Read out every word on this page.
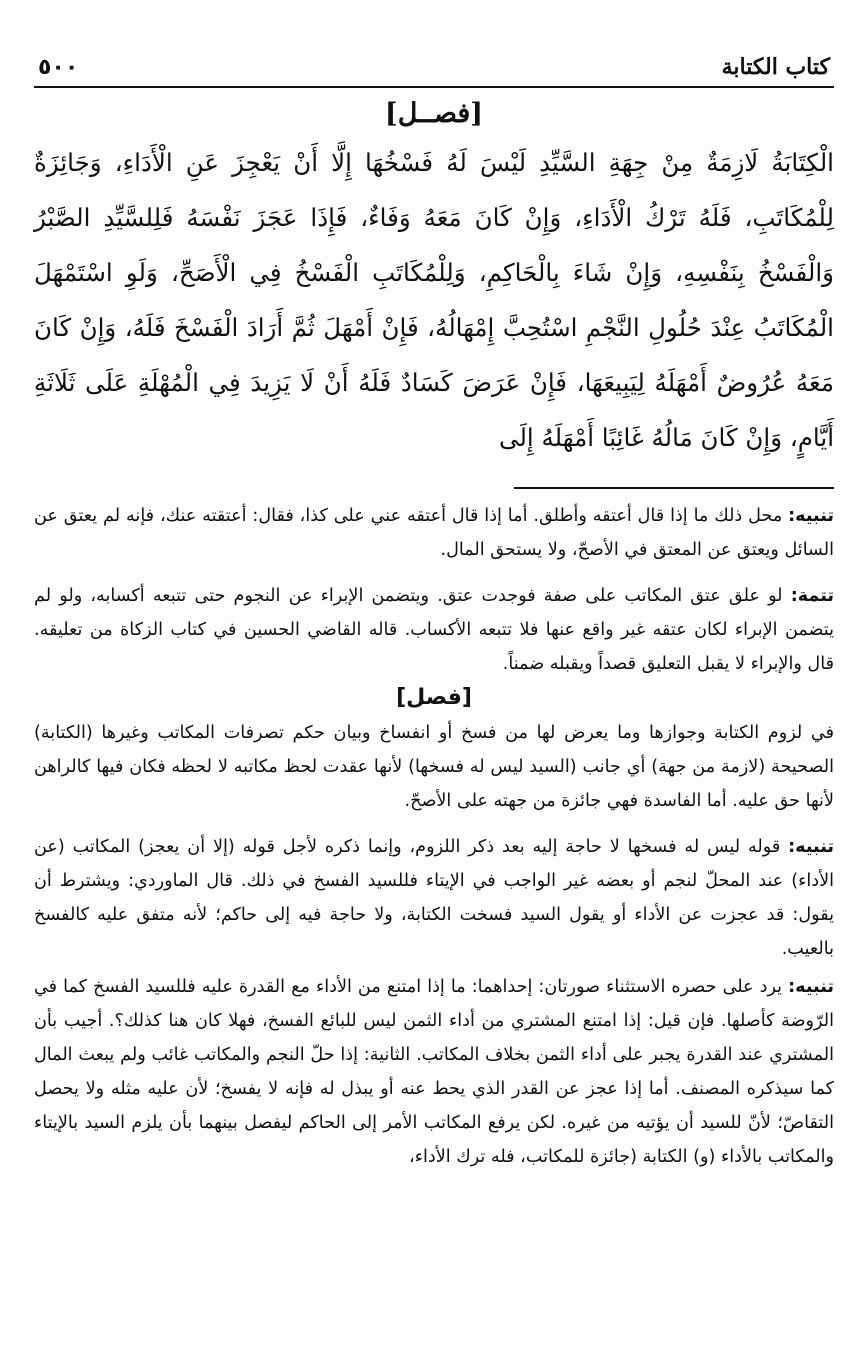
كتاب الكتابة
٥٠٠
[فصــل]

الْكِتَابَةُ لَازِمَةٌ مِنْ جِهَةِ السَّيِّدِ لَيْسَ لَهُ فَسْخُهَا إِلَّا أَنْ يَعْجِزَ عَنِ الْأَدَاءِ، وَجَائِزَةٌ لِلْمُكَاتَبِ، فَلَهُ تَرْكُ الْأَدَاءِ، وَإِنْ كَانَ مَعَهُ وَفَاءٌ، فَإِذَا عَجَزَ نَفْسَهُ فَلِلسَّيِّدِ الصَّبْرُ وَالْفَسْخُ بِنَفْسِهِ، وَإِنْ شَاءَ بِالْحَاكِمِ، وَلِلْمُكَاتَبِ الْفَسْخُ فِي الْأَصَحِّ، وَلَوِ اسْتَمْهَلَ الْمُكَاتَبُ عِنْدَ حُلُولِ النَّجْمِ اسْتُحِبَّ إِمْهَالُهُ، فَإِنْ أَمْهَلَ ثُمَّ أَرَادَ الْفَسْخَ فَلَهُ، وَإِنْ كَانَ مَعَهُ عُرُوضٌ أَمْهَلَهُ لِيَبِيعَهَا، فَإِنْ عَرَضَ كَسَادٌ فَلَهُ أَنْ لَا يَزِيدَ فِي الْمُهْلَةِ عَلَى ثَلَاثَةِ أَيَّامٍ، وَإِنْ كَانَ مَالُهُ غَائِبًا أَمْهَلَهُ إِلَى

تنبيه: محل ذلك ما إذا قال أعتقه وأطلق. أما إذا قال أعتقه عني على كذا، فقال: أعتقته عنك، فإنه لم يعتق عن السائل ويعتق عن المعتق في الأصحّ، ولا يستحق المال.

تتمة: لو علق عتق المكاتب على صفة فوجدت عتق. ويتضمن الإبراء عن النجوم حتى تتبعه أكسابه، ولو لم يتضمن الإبراء لكان عتقه غير واقع عنها فلا تتبعه الأكساب. قاله القاضي الحسين في كتاب الزكاة من تعليقه. قال والإبراء لا يقبل التعليق قصداً ويقبله ضمناً.

[فصل]

في لزوم الكتابة وجوازها وما يعرض لها من فسخ أو انفساخ وبيان حكم تصرفات المكاتب وغيرها (الكتابة) الصحيحة (لازمة من جهة) أي جانب (السيد ليس له فسخها) لأنها عقدت لحظ مكاتبه لا لحظه فكان فيها كالراهن لأنها حق عليه. أما الفاسدة فهي جائزة من جهته على الأصحّ.

تنبيه: قوله ليس له فسخها لا حاجة إليه بعد ذكر اللزوم، وإنما ذكره لأجل قوله (إلا أن يعجز) المكاتب (عن الأداء) عند المحلّ لنجم أو بعضه غير الواجب في الإيتاء فللسيد الفسخ في ذلك. قال الماوردي: ويشترط أن يقول: قد عجزت عن الأداء أو يقول السيد فسخت الكتابة، ولا حاجة فيه إلى حاكم؛ لأنه متفق عليه كالفسخ بالعيب.

تنبيه: يرد على حصره الاستثناء صورتان: إحداهما: ما إذا امتنع من الأداء مع القدرة عليه فللسيد الفسخ كما في الرّوضة كأصلها. فإن قيل: إذا امتنع المشتري من أداء الثمن ليس للبائع الفسخ، فهلا كان هنا كذلك؟. أجيب بأن المشتري عند القدرة يجبر على أداء الثمن بخلاف المكاتب. الثانية: إذا حلّ النجم والمكاتب غائب ولم يبعث المال كما سيذكره المصنف. أما إذا عجز عن القدر الذي يحط عنه أو يبذل له فإنه لا يفسخ؛ لأن عليه مثله ولا يحصل التقاصّ؛ لأنّ للسيد أن يؤتيه من غيره. لكن يرفع المكاتب الأمر إلى الحاكم ليفصل بينهما بأن يلزم السيد بالإيتاء والمكاتب بالأداء (و) الكتابة (جائزة للمكاتب، فله ترك الأداء،
